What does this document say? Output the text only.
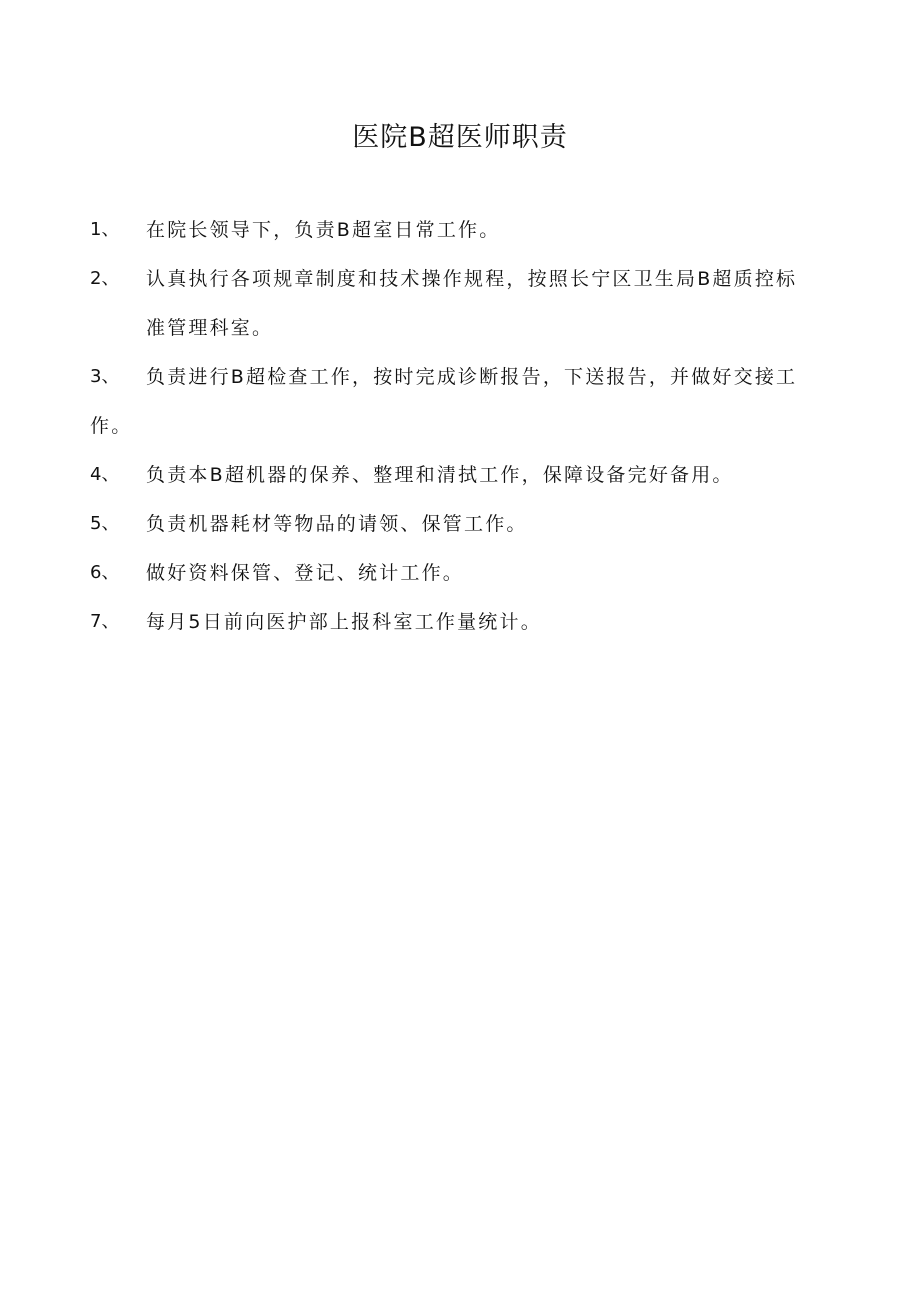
医院B超医师职责
1、 在院长领导下，负责B超室日常工作。
2、 认真执行各项规章制度和技术操作规程，按照长宁区卫生局B超质控标
准管理科室。
3、 负责进行B超检查工作，按时完成诊断报告，下送报告，并做好交接工
作。
4、 负责本B超机器的保养、整理和清拭工作，保障设备完好备用。
5、 负责机器耗材等物品的请领、保管工作。
6、 做好资料保管、登记、统计工作。
7、 每月5日前向医护部上报科室工作量统计。
